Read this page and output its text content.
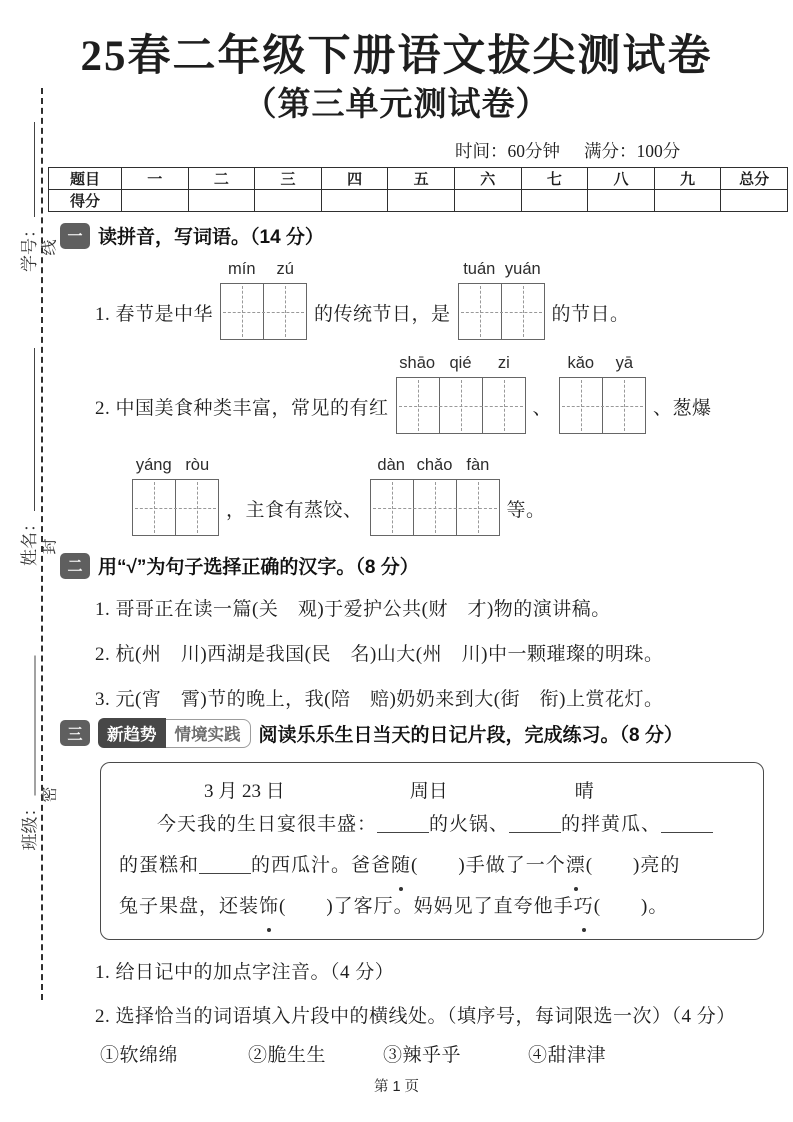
学号：
姓名：
班级：
线
封
密
25春二年级下册语文拔尖测试卷
（第三单元测试卷）
时间：60分钟 满分：100分
题目	一	二	三	四	五	六	七	八	九	总分
得分										
一 读拼音，写词语。（14 分）
1. 春节是中华
mín	zú
的传统节日，是
tuán yuán
的节日。
2. 中国美食种类丰富，常见的有红
shāo qié	zi
、
kǎo	yā
、葱爆
yáng ròu
，主食有蒸饺、
dàn chǎo fàn
等。
二 用“√”为句子选择正确的汉字。（8 分）
1. 哥哥正在读一篇(关　观)于爱护公共(财　才)物的演讲稿。
2. 杭(州　川)西湖是我国(民　名)山大(州　川)中一颗璀璨的明珠。
3. 元(宵　霄)节的晚上，我(陪　赔)奶奶来到大(街　衔)上赏花灯。
三	新趋势	情境实践 阅读乐乐生日当天的日记片段，完成练习。（8 分）
3 月 23 日	周日	晴
今天我的生日宴很丰盛：	的火锅、	的拌黄瓜、
的蛋糕和	的西瓜汁。爸爸随(　　)手做了一个漂(　　)亮的
兔子果盘，还装饰(　　)了客厅。妈妈见了直夸他手巧(　　)。
1. 给日记中的加点字注音。（4 分）
2. 选择恰当的词语填入片段中的横线处。（填序号，每词限选一次）（4 分）
①软绵绵	②脆生生	③辣乎乎	④甜津津
第 1 页
